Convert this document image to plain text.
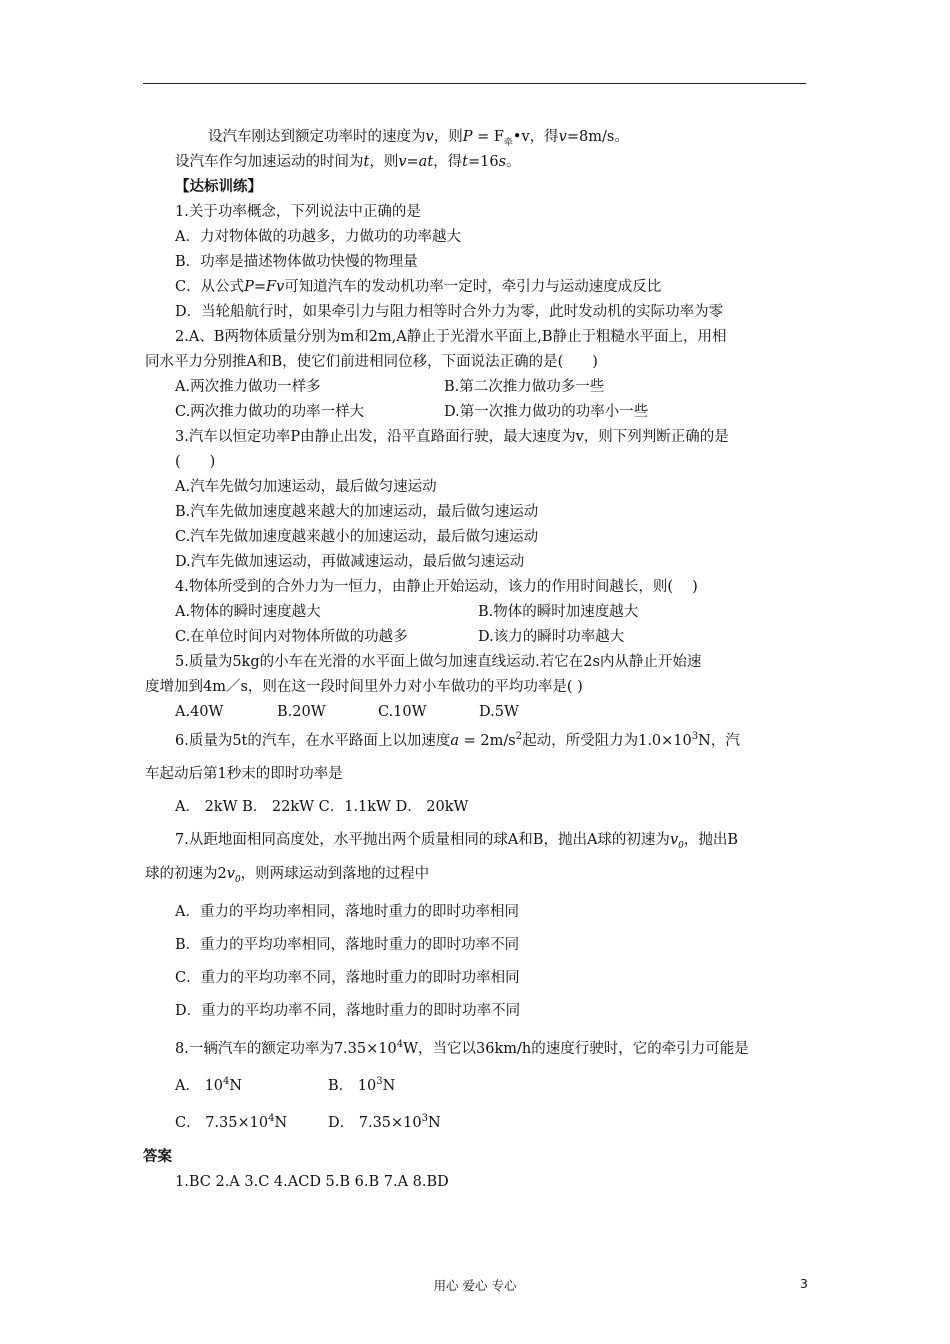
设汽车刚达到额定功率时的速度为v，则$P = F_牵•v$，得v=8m/s。
设汽车作匀加速运动的时间为t，则v=at，得t=16s。
【达标训练】
1.关于功率概念，下列说法中正确的是
A．力对物体做的功越多，力做功的功率越大
B．功率是描述物体做功快慢的物理量
C．从公式P=Fv可知道汽车的发动机功率一定时，牵引力与运动速度成反比
D．当轮船航行时，如果牵引力与阻力相等时合外力为零，此时发动机的实际功率为零
2.A、B两物体质量分别为m和2m,A静止于光滑水平面上,B静止于粗糙水平面上，用相
同水平力分别推A和B，使它们前进相同位移，下面说法正确的是(　　)
A.两次推力做功一样多	B.第二次推力做功多一些
C.两次推力做功的功率一样大	D.第一次推力做功的功率小一些
3.汽车以恒定功率P由静止出发，沿平直路面行驶，最大速度为v，则下列判断正确的是
(　　)
A.汽车先做匀加速运动，最后做匀速运动
B.汽车先做加速度越来越大的加速运动，最后做匀速运动
C.汽车先做加速度越来越小的加速运动，最后做匀速运动
D.汽车先做加速运动，再做减速运动，最后做匀速运动
4.物体所受到的合外力为一恒力，由静止开始运动，该力的作用时间越长，则(　 )
A.物体的瞬时速度越大	B.物体的瞬时加速度越大
C.在单位时间内对物体所做的功越多	D.该力的瞬时功率越大
5.质量为5kg的小车在光滑的水平面上做匀加速直线运动.若它在2s内从静止开始速
度增加到4m／s，则在这一段时间里外力对小车做功的平均功率是( )
A.40W	B.20W	C.10W	D.5W
6.质量为5t的汽车，在水平路面上以加速度$a = 2m/s^2$起动，所受阻力为$1.0\times 10^3N$，汽
车起动后第1秒末的即时功率是
A． 2kW B． 22kW C．1.1kW D． 20kW
7.从距地面相同高度处，水平抛出两个质量相同的球A和B，抛出A球的初速为$v_0$，抛出B
球的初速为$2v_0$，则两球运动到落地的过程中
A．重力的平均功率相同，落地时重力的即时功率相同
B．重力的平均功率相同，落地时重力的即时功率不同
C．重力的平均功率不同，落地时重力的即时功率相同
D．重力的平均功率不同，落地时重力的即时功率不同
8.一辆汽车的额定功率为$7.35\times 10^4W$，当它以36km/h的速度行驶时，它的牵引力可能是
A． $10^4N$	B． $10^3N$
C． $7.35\times 10^4N$	D． $7.35\times 10^3N$
答案
1.BC 2.A 3.C 4.ACD 5.B 6.B 7.A 8.BD
用心 爱心 专心	3
